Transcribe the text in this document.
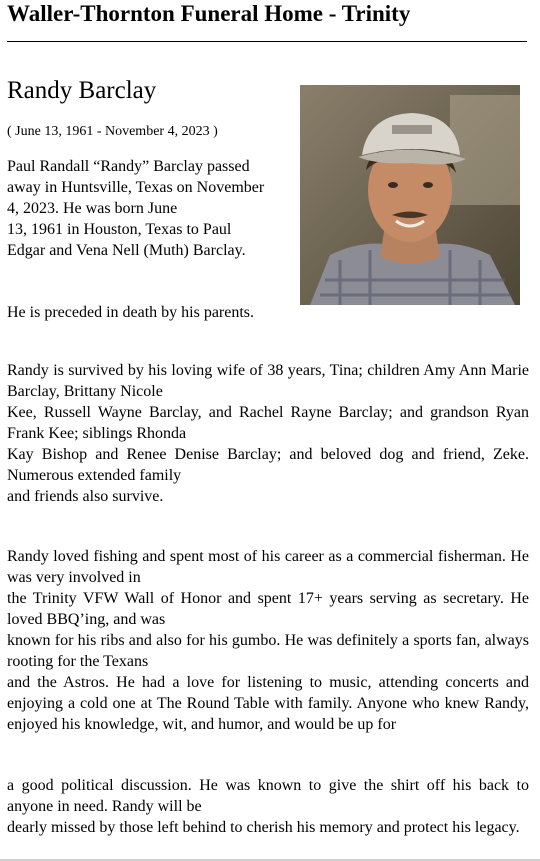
Waller-Thornton Funeral Home - Trinity
Randy Barclay
( June 13, 1961 - November 4, 2023 )

Paul Randall “Randy” Barclay passed
away in Huntsville, Texas on November
4, 2023. He was born June
13, 1961 in Houston, Texas to Paul
Edgar and Vena Nell (Muth) Barclay.

He is preceded in death by his parents.

Randy is survived by his loving wife of 38 years, Tina; children Amy Ann Marie Barclay, Brittany Nicole
Kee, Russell Wayne Barclay, and Rachel Rayne Barclay; and grandson Ryan Frank Kee; siblings Rhonda
Kay Bishop and Renee Denise Barclay; and beloved dog and friend, Zeke. Numerous extended family
and friends also survive.

Randy loved fishing and spent most of his career as a commercial fisherman. He was very involved in
the Trinity VFW Wall of Honor and spent 17+ years serving as secretary. He loved BBQ’ing, and was
known for his ribs and also for his gumbo. He was definitely a sports fan, always rooting for the Texans
and the Astros. He had a love for listening to music, attending concerts and enjoying a cold one at The Round Table with family. Anyone who knew Randy, enjoyed his knowledge, wit, and humor, and would be up for

a good political discussion. He was known to give the shirt off his back to anyone in need. Randy will be
dearly missed by those left behind to cherish his memory and protect his legacy.
